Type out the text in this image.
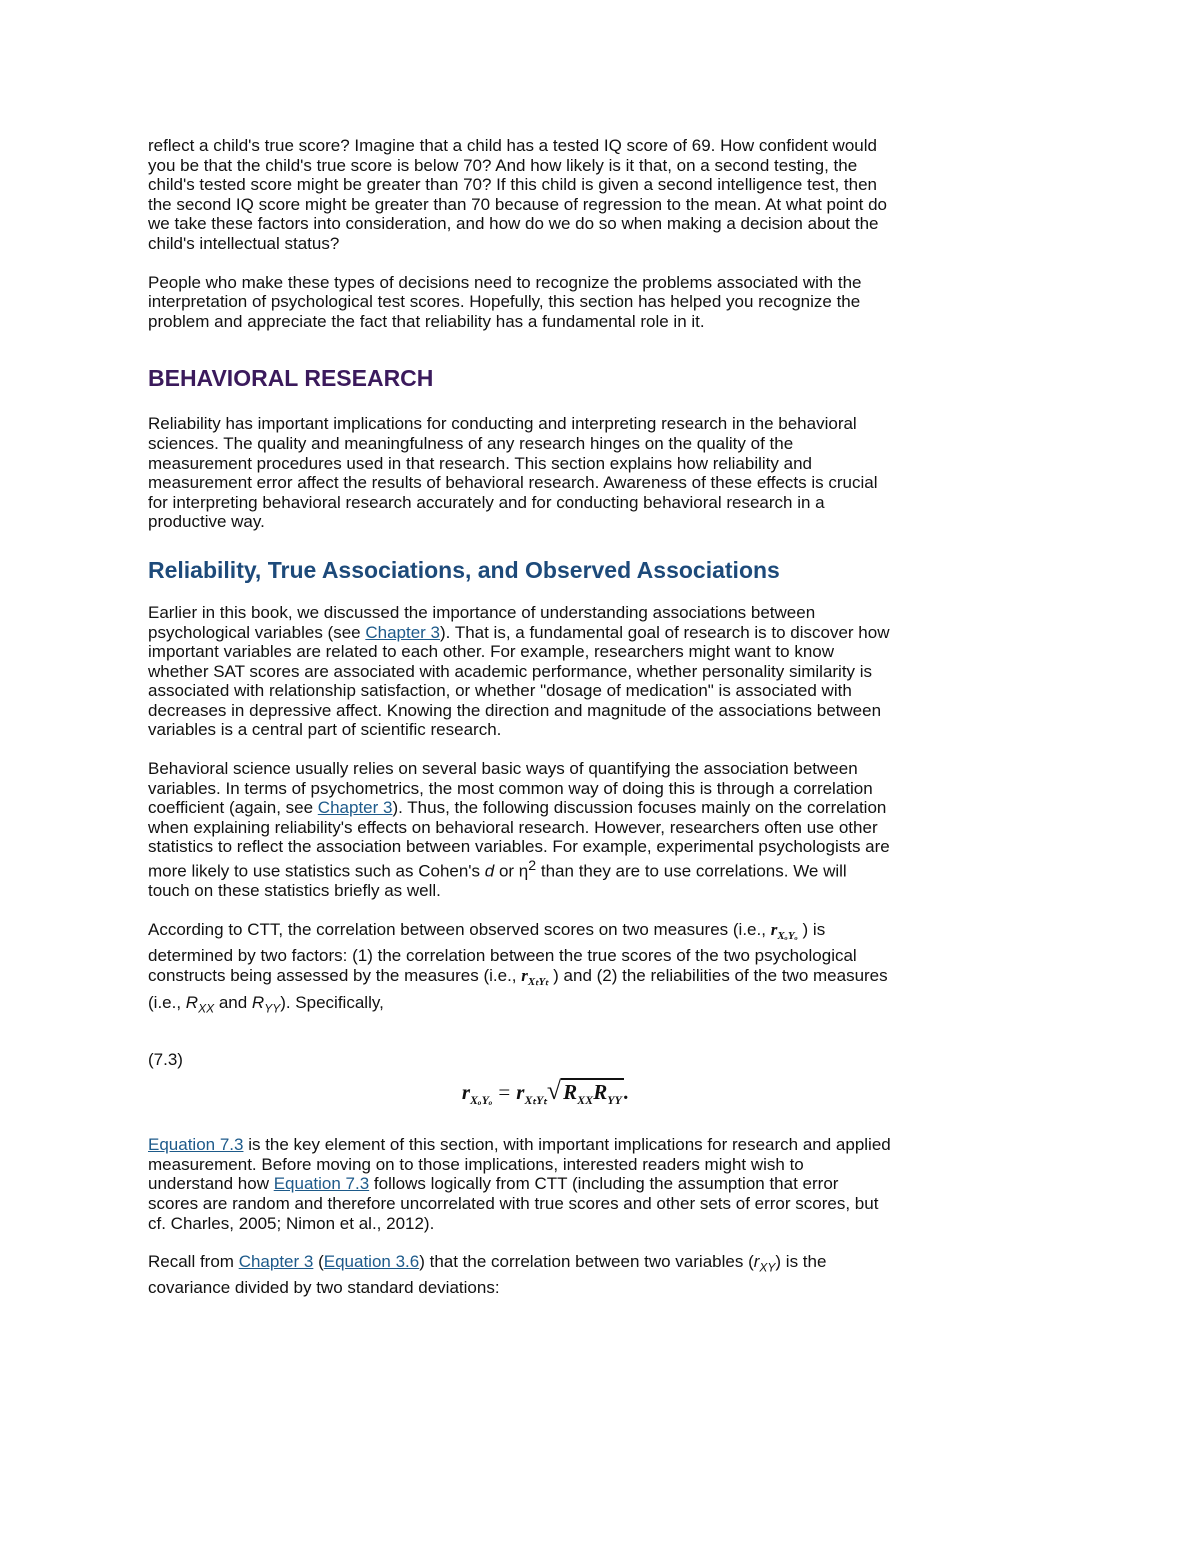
reflect a child's true score? Imagine that a child has a tested IQ score of 69. How confident would you be that the child's true score is below 70? And how likely is it that, on a second testing, the child's tested score might be greater than 70? If this child is given a second intelligence test, then the second IQ score might be greater than 70 because of regression to the mean. At what point do we take these factors into consideration, and how do we do so when making a decision about the child's intellectual status?

People who make these types of decisions need to recognize the problems associated with the interpretation of psychological test scores. Hopefully, this section has helped you recognize the problem and appreciate the fact that reliability has a fundamental role in it.

BEHAVIORAL RESEARCH

Reliability has important implications for conducting and interpreting research in the behavioral sciences. The quality and meaningfulness of any research hinges on the quality of the measurement procedures used in that research. This section explains how reliability and measurement error affect the results of behavioral research. Awareness of these effects is crucial for interpreting behavioral research accurately and for conducting behavioral research in a productive way.

Reliability, True Associations, and Observed Associations

Earlier in this book, we discussed the importance of understanding associations between psychological variables (see Chapter 3). That is, a fundamental goal of research is to discover how important variables are related to each other. For example, researchers might want to know whether SAT scores are associated with academic performance, whether personality similarity is associated with relationship satisfaction, or whether "dosage of medication" is associated with decreases in depressive affect. Knowing the direction and magnitude of the associations between variables is a central part of scientific research.

Behavioral science usually relies on several basic ways of quantifying the association between variables. In terms of psychometrics, the most common way of doing this is through a correlation coefficient (again, see Chapter 3). Thus, the following discussion focuses mainly on the correlation when explaining reliability's effects on behavioral research. However, researchers often use other statistics to reflect the association between variables. For example, experimental psychologists are more likely to use statistics such as Cohen's d or $\eta^2$ than they are to use correlations. We will touch on these statistics briefly as well.

According to CTT, the correlation between observed scores on two measures (i.e., $r_{X_oY_o}$ ) is determined by two factors: (1) the correlation between the true scores of the two psychological constructs being assessed by the measures (i.e., $r_{X_tY_t}$ ) and (2) the reliabilities of the two measures (i.e., $R_{XX}$ and $R_{YY}$). Specifically,

(7.3)
$r_{X_oY_o} = r_{X_tY_t}√R_{XX}R_{YY}$.

Equation 7.3 is the key element of this section, with important implications for research and applied measurement. Before moving on to those implications, interested readers might wish to understand how Equation 7.3 follows logically from CTT (including the assumption that error scores are random and therefore uncorrelated with true scores and other sets of error scores, but cf. Charles, 2005; Nimon et al., 2012).

Recall from Chapter 3 (Equation 3.6) that the correlation between two variables $(r_{XY})$ is the covariance divided by two standard deviations:
